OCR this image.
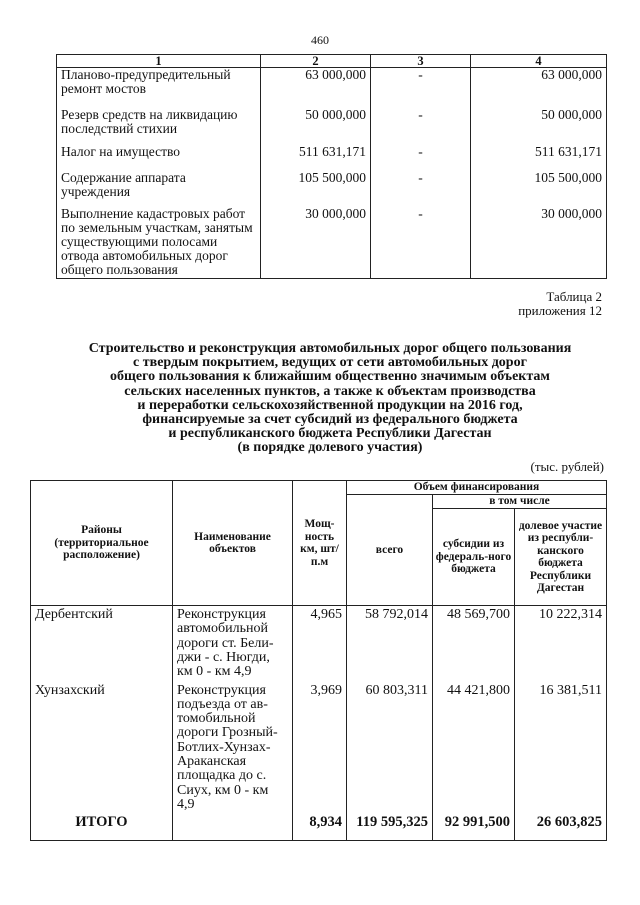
460
1	2	3	4
Планово-предупредительный ремонт мостов	63 000,000	-	63 000,000
Резерв средств на ликвидацию последствий стихии	50 000,000	-	50 000,000
Налог на имущество	511 631,171	-	511 631,171
Содержание аппарата учреждения	105 500,000	-	105 500,000
Выполнение кадастровых работ по земельным участкам, занятым существующими полосами отвода автомобильных дорог общего пользования	30 000,000	-	30 000,000
Таблица 2
приложения 12
Строительство и реконструкция автомобильных дорог общего пользования
с твердым покрытием, ведущих от сети автомобильных дорог
общего пользования к ближайшим общественно значимым объектам
сельских населенных пунктов, а также к объектам производства
и переработки сельскохозяйственной продукции на 2016 год,
финансируемые за счет субсидий из федерального бюджета
и республиканского бюджета Республики Дагестан
(в порядке долевого участия)
(тыс. рублей)
Районы (территориальное расположение)	Наименование объектов	Мощ-ность км, шт/п.м	Объем финансирования		
			всего	в том числе	
				субсидии из федераль-ного бюджета	долевое участие из республи-канского бюджета Республики Дагестан
Дербентский	Реконструкция автомобильной дороги ст. Бели-джи - с. Нюгди, км 0 - км 4,9	4,965	58 792,014	48 569,700	10 222,314
Хунзахский	Реконструкция подъезда от ав-томобильной дороги Грозный-Ботлих-Хунзах-Араканская площадка до с. Сиух, км 0 - км 4,9	3,969	60 803,311	44 421,800	16 381,511
ИТОГО		8,934	119 595,325	92 991,500	26 603,825
